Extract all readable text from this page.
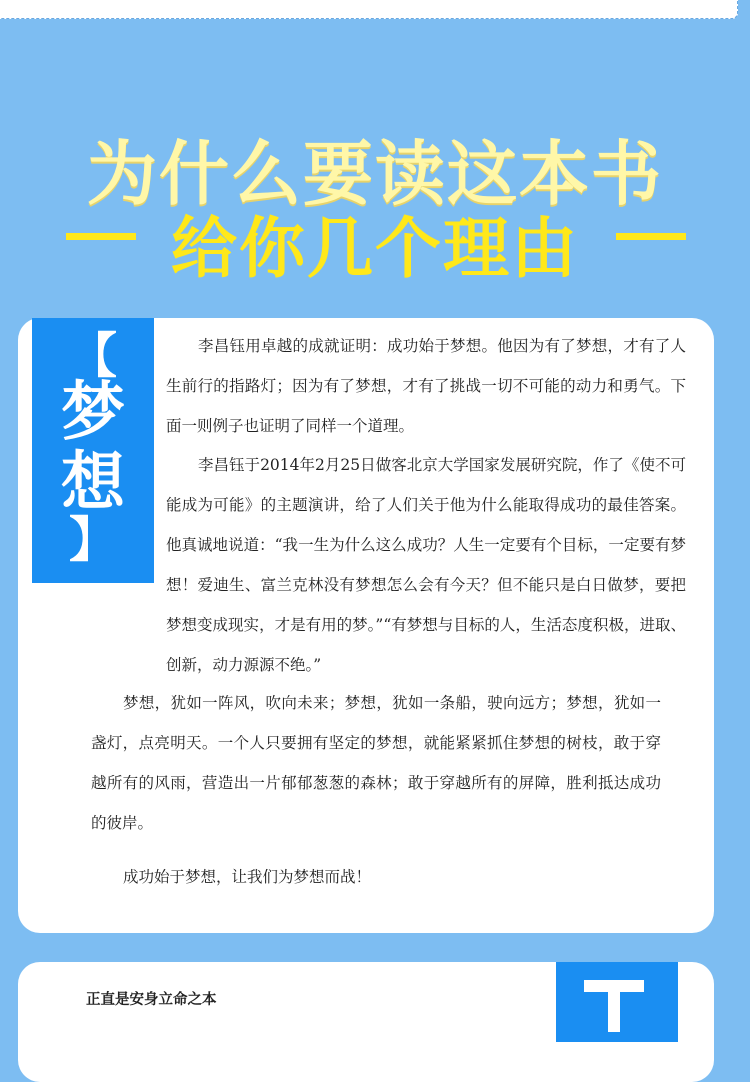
为什么要读这本书
给你几个理由
【
梦
想
】

李昌钰用卓越的成就证明：成功始于梦想。他因为有了梦想，才有了人生前行的指路灯；因为有了梦想，才有了挑战一切不可能的动力和勇气。下面一则例子也证明了同样一个道理。

李昌钰于2014年2月25日做客北京大学国家发展研究院，作了《使不可能成为可能》的主题演讲，给了人们关于他为什么能取得成功的最佳答案。他真诚地说道：“我一生为什么这么成功？人生一定要有个目标，一定要有梦想！爱迪生、富兰克林没有梦想怎么会有今天？但不能只是白日做梦，要把梦想变成现实，才是有用的梦。”“有梦想与目标的人，生活态度积极，进取、创新，动力源源不绝。”

梦想，犹如一阵风，吹向未来；梦想，犹如一条船，驶向远方；梦想，犹如一盏灯，点亮明天。一个人只要拥有坚定的梦想，就能紧紧抓住梦想的树枝，敢于穿越所有的风雨，营造出一片郁郁葱葱的森林；敢于穿越所有的屏障，胜利抵达成功的彼岸。

成功始于梦想，让我们为梦想而战！

正直是安身立命之本
